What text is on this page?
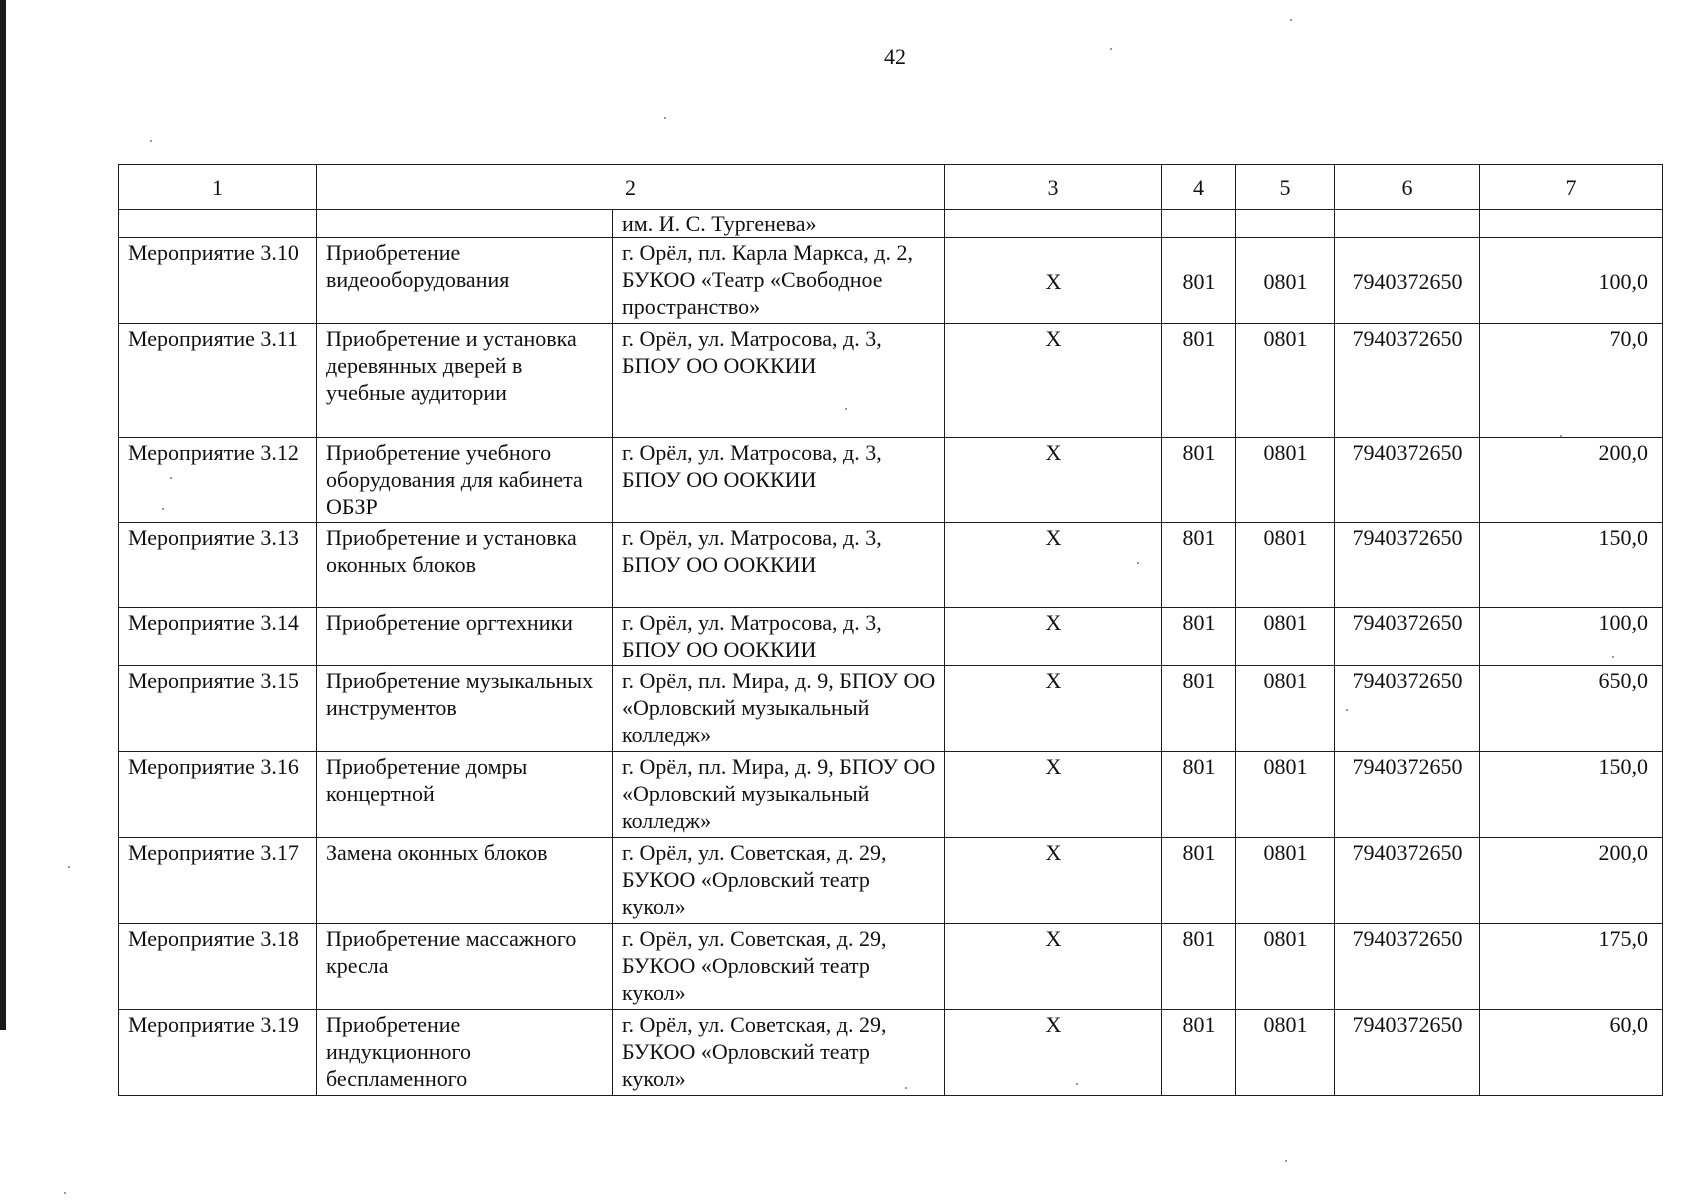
42
1	2		3	4	5	6	7
		им. И. С. Тургенева»					
Мероприятие 3.10	Приобретение видеооборудования	г. Орёл, пл. Карла Маркса, д. 2, БУКОО «Театр «Свободное пространство»	Х	801	0801	7940372650	100,0
Мероприятие 3.11	Приобретение и установка деревянных дверей в учебные аудитории	г. Орёл, ул. Матросова, д. 3, БПОУ ОО ООККИИ	Х	801	0801	7940372650	70,0
Мероприятие 3.12	Приобретение учебного оборудования для кабинета ОБЗР	г. Орёл, ул. Матросова, д. 3, БПОУ ОО ООККИИ	Х	801	0801	7940372650	200,0
Мероприятие 3.13	Приобретение и установка оконных блоков	г. Орёл, ул. Матросова, д. 3, БПОУ ОО ООККИИ	Х	801	0801	7940372650	150,0
Мероприятие 3.14	Приобретение оргтехники	г. Орёл, ул. Матросова, д. 3, БПОУ ОО ООККИИ	Х	801	0801	7940372650	100,0
Мероприятие 3.15	Приобретение музыкальных инструментов	г. Орёл, пл. Мира, д. 9, БПОУ ОО «Орловский музыкальный колледж»	Х	801	0801	7940372650	650,0
Мероприятие 3.16	Приобретение домры концертной	г. Орёл, пл. Мира, д. 9, БПОУ ОО «Орловский музыкальный колледж»	Х	801	0801	7940372650	150,0
Мероприятие 3.17	Замена оконных блоков	г. Орёл, ул. Советская, д. 29, БУКОО «Орловский театр кукол»	Х	801	0801	7940372650	200,0
Мероприятие 3.18	Приобретение массажного кресла	г. Орёл, ул. Советская, д. 29, БУКОО «Орловский театр кукол»	Х	801	0801	7940372650	175,0
Мероприятие 3.19	Приобретение индукционного беспламенного	г. Орёл, ул. Советская, д. 29, БУКОО «Орловский театр кукол»	Х	801	0801	7940372650	60,0
